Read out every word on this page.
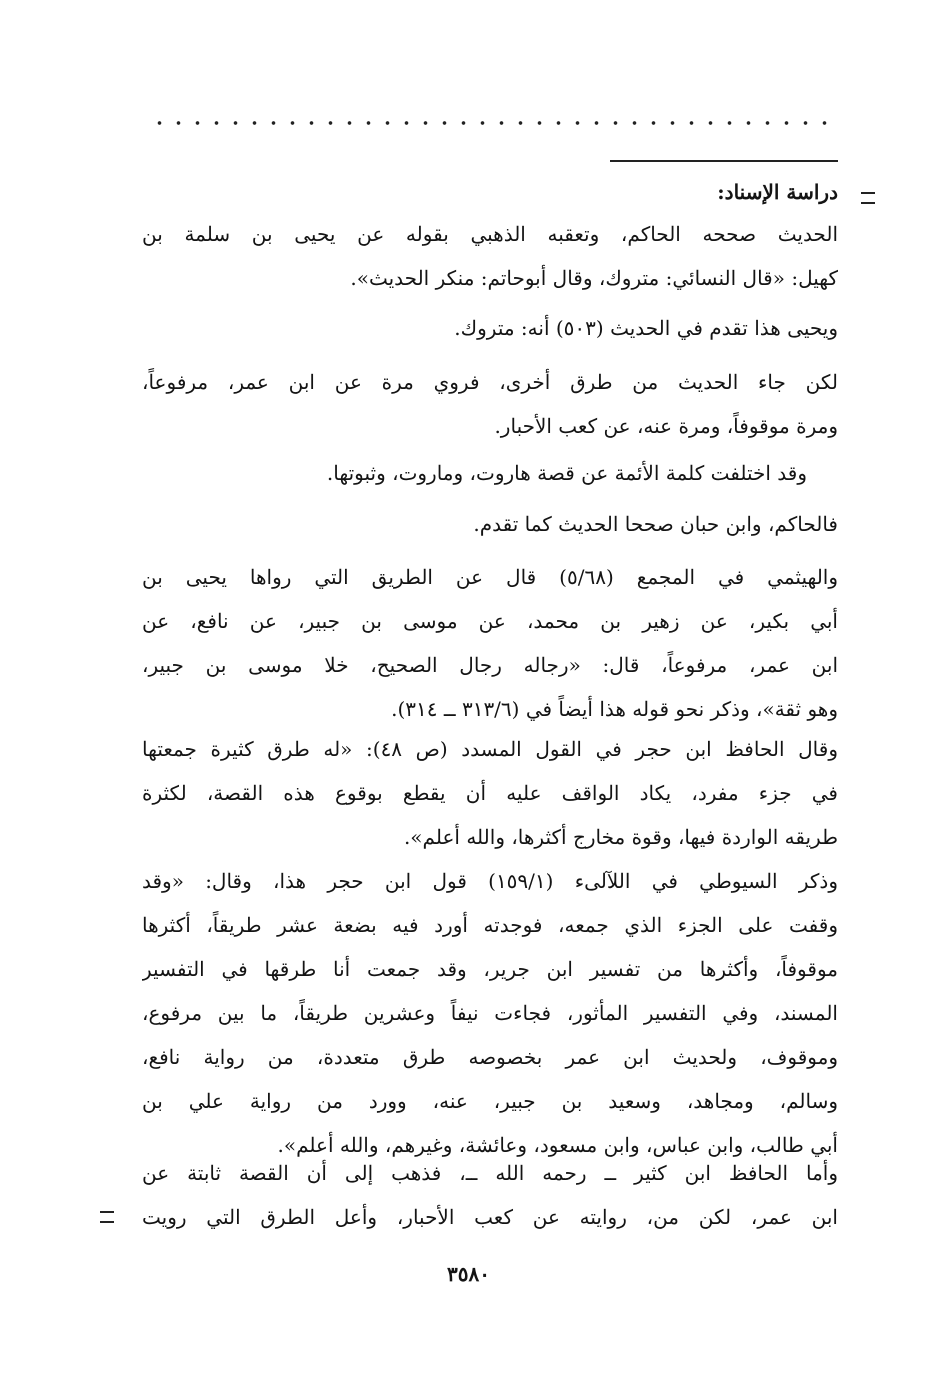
دراسة الإسناد:
الحديث صححه الحاكم، وتعقبه الذهبي بقوله عن يحيى بن سلمة بن
كهيل: «قال النسائي: متروك، وقال أبوحاتم: منكر الحديث».
ويحيى هذا تقدم في الحديث (٥٠٣) أنه: متروك.
لكن جاء الحديث من طرق أخرى، فروي مرة عن ابن عمر، مرفوعاً،
ومرة موقوفاً، ومرة عنه، عن كعب الأحبار.
وقد اختلفت كلمة الأئمة عن قصة هاروت، وماروت، وثبوتها.
فالحاكم، وابن حبان صححا الحديث كما تقدم.
والهيثمي في المجمع (٥/٦٨) قال عن الطريق التي رواها يحيى بن
أبي بكير، عن زهير بن محمد، عن موسى بن جبير، عن نافع، عن
ابن عمر، مرفوعاً، قال: «رجاله رجال الصحيح، خلا موسى بن جبير،
وهو ثقة»، وذكر نحو قوله هذا أيضاً في (٣١٣/٦ ــ ٣١٤).
وقال الحافظ ابن حجر في القول المسدد (ص ٤٨): «له طرق كثيرة جمعتها
في جزء مفرد، يكاد الواقف عليه أن يقطع بوقوع هذه القصة، لكثرة
طريقه الواردة فيها، وقوة مخارج أكثرها، والله أعلم».
وذكر السيوطي في اللآلىء (١٥٩/١) قول ابن حجر هذا، وقال: «وقد
وقفت على الجزء الذي جمعه، فوجدته أورد فيه بضعة عشر طريقاً، أكثرها
موقوفاً، وأكثرها من تفسير ابن جرير، وقد جمعت أنا طرقها في التفسير
المسند، وفي التفسير المأثور، فجاءت نيفاً وعشرين طريقاً، ما بين مرفوع،
وموقوف، ولحديث ابن عمر بخصوصه طرق متعددة، من رواية نافع،
وسالم، ومجاهد، وسعيد بن جبير، عنه، وورد من رواية علي بن
أبي طالب، وابن عباس، وابن مسعود، وعائشة، وغيرهم، والله أعلم».
وأما الحافظ ابن كثير ــ رحمه الله ــ، فذهب إلى أن القصة ثابتة عن
ابن عمر، لكن من، روايته عن كعب الأحبار، وأعل الطرق التي رويت
٣٥٨٠
